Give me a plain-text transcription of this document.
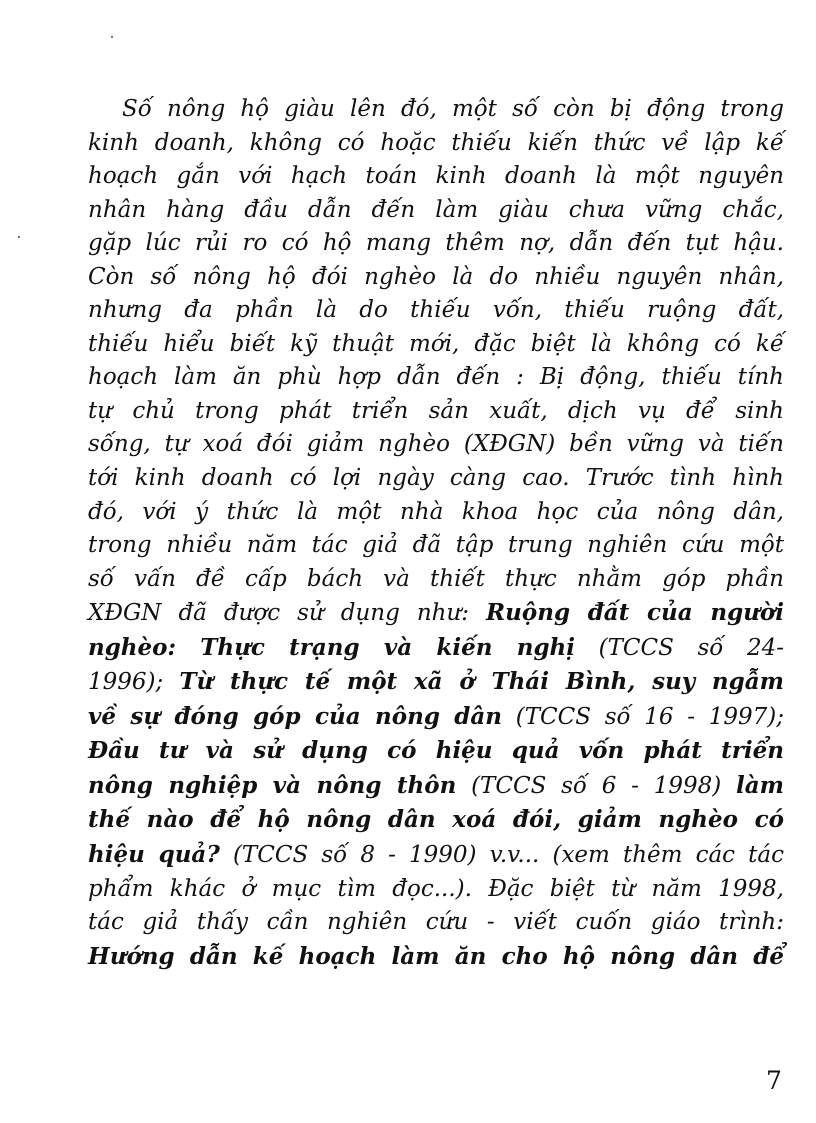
Số nông hộ giàu lên đó, một số còn bị động trong
kinh doanh, không có hoặc thiếu kiến thức về lập kế
hoạch gắn với hạch toán kinh doanh là một nguyên
nhân hàng đầu dẫn đến làm giàu chưa vững chắc,
gặp lúc rủi ro có hộ mang thêm nợ, dẫn đến tụt hậu.
Còn số nông hộ đói nghèo là do nhiều nguyên nhân,
nhưng đa phần là do thiếu vốn, thiếu ruộng đất,
thiếu hiểu biết kỹ thuật mới, đặc biệt là không có kế
hoạch làm ăn phù hợp dẫn đến : Bị động, thiếu tính
tự chủ trong phát triển sản xuất, dịch vụ để sinh
sống, tự xoá đói giảm nghèo (XĐGN) bền vững và tiến
tới kinh doanh có lợi ngày càng cao. Trước tình hình
đó, với ý thức là một nhà khoa học của nông dân,
trong nhiều năm tác giả đã tập trung nghiên cứu một
số vấn đề cấp bách và thiết thực nhằm góp phần
XĐGN đã được sử dụng như: Ruộng đất của người
nghèo: Thực trạng và kiến nghị (TCCS số 24-
1996); Từ thực tế một xã ở Thái Bình, suy ngẫm
về sự đóng góp của nông dân (TCCS số 16 - 1997);
Đầu tư và sử dụng có hiệu quả vốn phát triển
nông nghiệp và nông thôn (TCCS số 6 - 1998) làm
thế nào để hộ nông dân xoá đói, giảm nghèo có
hiệu quả? (TCCS số 8 - 1990) v.v... (xem thêm các tác
phẩm khác ở mục tìm đọc...). Đặc biệt từ năm 1998,
tác giả thấy cần nghiên cứu - viết cuốn giáo trình:
Hướng dẫn kế hoạch làm ăn cho hộ nông dân để
7
